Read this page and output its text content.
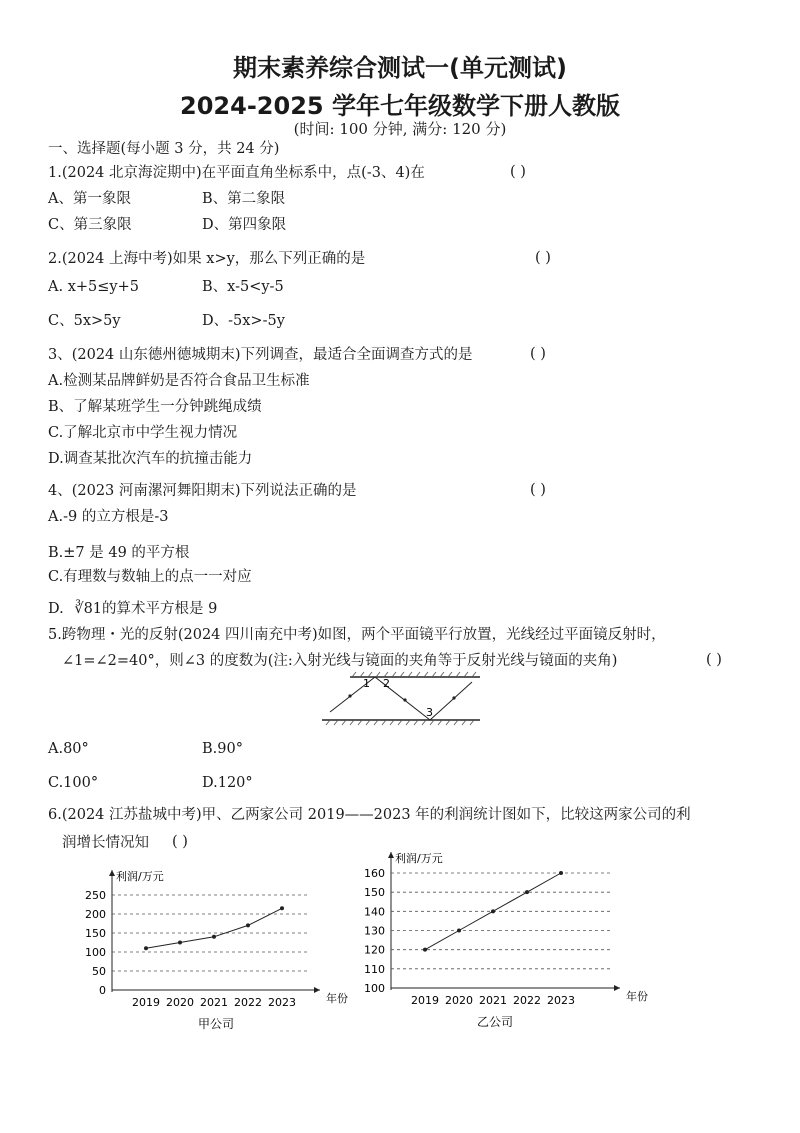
期末素养综合测试一(单元测试)
2024-2025 学年七年级数学下册人教版
(时间: 100 分钟, 满分: 120 分)
一、选择题(每小题 3 分，共 24 分)
1.(2024 北京海淀期中)在平面直角坐标系中，点(-3、4)在	( )
A、第一象限	B、第二象限
C、第三象限	D、第四象限
2.(2024 上海中考)如果 x>y，那么下列正确的是	( )
A. x+5≤y+5	B、x-5<y-5
C、5x>5y	D、-5x>-5y
3、(2024 山东德州德城期末)下列调查，最适合全面调查方式的是	( )
A.检测某品牌鲜奶是否符合食品卫生标准
B、了解某班学生一分钟跳绳成绩
C.了解北京市中学生视力情况
D.调查某批次汽车的抗撞击能力
4、(2023 河南漯河舞阳期末)下列说法正确的是	( )
A.-9 的立方根是-3
B.±7 是 49 的平方根
C.有理数与数轴上的点一一对应
D. ∛81的算术平方根是 9
5.跨物理・光的反射(2024 四川南充中考)如图，两个平面镜平行放置，光线经过平面镜反射时，
∠1=∠2=40°，则∠3 的度数为(注:入射光线与镜面的夹角等于反射光线与镜面的夹角)	( )
1 2
3
A.80°	B.90°
C.100°	D.120°
6.(2024 江苏盐城中考)甲、乙两家公司 2019——2023 年的利润统计图如下，比较这两家公司的利
润增长情况知 ( )
0
50
100
150
200
250
2019 2020 2021 2022 2023
利润/万元
年份
甲公司
100
110
120
130
140
150
160
2019 2020 2021 2022 2023
利润/万元
年份
乙公司
